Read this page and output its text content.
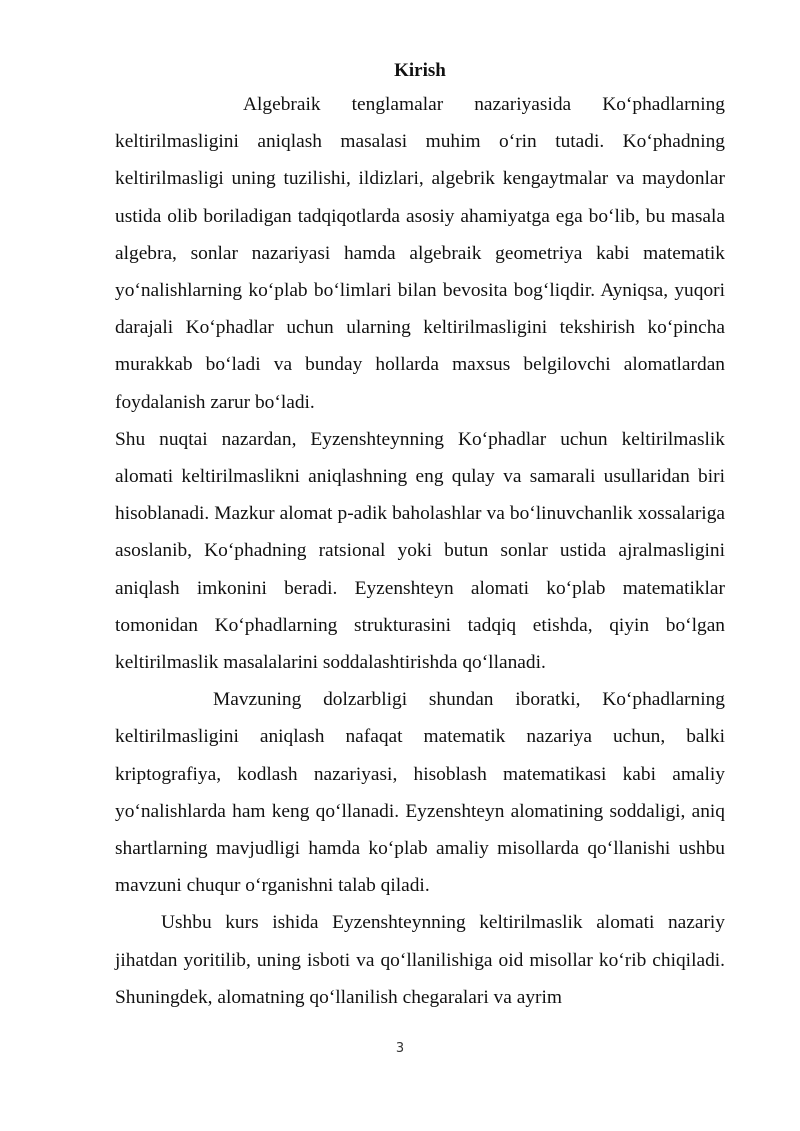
Kirish

Algebraik tenglamalar nazariyasida Ko‘phadlarning keltirilmasligini aniqlash masalasi muhim o‘rin tutadi. Ko‘phadning keltirilmasligi uning tuzilishi, ildizlari, algebrik kengaytmalar va maydonlar ustida olib boriladigan tadqiqotlarda asosiy ahamiyatga ega bo‘lib, bu masala algebra, sonlar nazariyasi hamda algebraik geometriya kabi matematik yo‘nalishlarning ko‘plab bo‘limlari bilan bevosita bog‘liqdir. Ayniqsa, yuqori darajali Ko‘phadlar uchun ularning keltirilmasligini tekshirish ko‘pincha murakkab bo‘ladi va bunday hollarda maxsus belgilovchi alomatlardan foydalanish zarur bo‘ladi.

Shu nuqtai nazardan, Eyzenshteynning Ko‘phadlar uchun keltirilmaslik alomati keltirilmaslikni aniqlashning eng qulay va samarali usullaridan biri hisoblanadi. Mazkur alomat p-adik baholashlar va bo‘linuvchanlik xossalariga asoslanib, Ko‘phadning ratsional yoki butun sonlar ustida ajralmasligini aniqlash imkonini beradi. Eyzenshteyn alomati ko‘plab matematiklar tomonidan Ko‘phadlarning strukturasini tadqiq etishda, qiyin bo‘lgan keltirilmaslik masalalarini soddalashtirishda qo‘llanadi.

Mavzuning dolzarbligi shundan iboratki, Ko‘phadlarning keltirilmasligini aniqlash nafaqat matematik nazariya uchun, balki kriptografiya, kodlash nazariyasi, hisoblash matematikasi kabi amaliy yo‘nalishlarda ham keng qo‘llanadi. Eyzenshteyn alomatining soddaligi, aniq shartlarning mavjudligi hamda ko‘plab amaliy misollarda qo‘llanishi ushbu mavzuni chuqur o‘rganishni talab qiladi.

Ushbu kurs ishida Eyzenshteynning keltirilmaslik alomati nazariy jihatdan yoritilib, uning isboti va qo‘llanilishiga oid misollar ko‘rib chiqiladi. Shuningdek, alomatning qo‘llanilish chegaralari va ayrim

3
